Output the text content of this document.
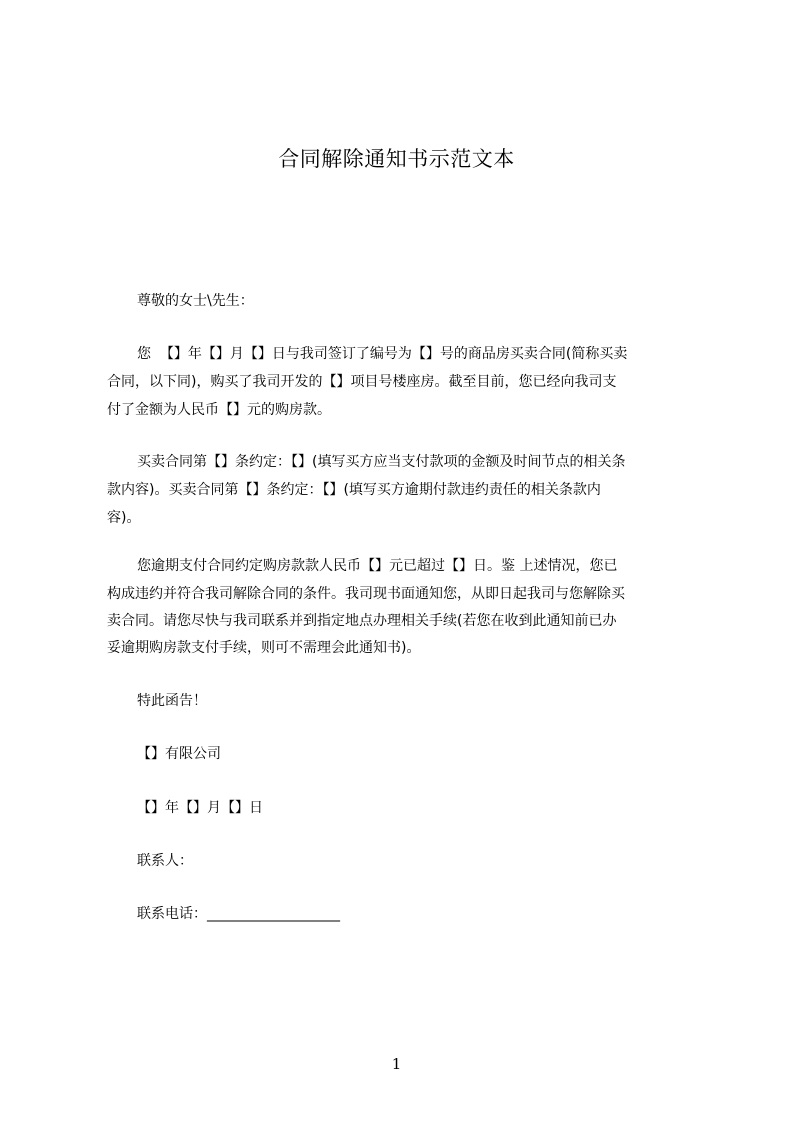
合同解除通知书示范文本
尊敬的女士\先生：
您  【】年【】月【】日与我司签订了编号为【】号的商品房买卖合同(简称买卖
合同，以下同)，购买了我司开发的【】项目号楼座房。截至目前，您已经向我司支
付了金额为人民币【】元的购房款。
买卖合同第【】条约定：【】(填写买方应当支付款项的金额及时间节点的相关条
款内容)。买卖合同第【】条约定：【】(填写买方逾期付款违约责任的相关条款内
容)。
您逾期支付合同约定购房款款人民币【】元已超过【】日。鉴 上述情况，您已
构成违约并符合我司解除合同的条件。我司现书面通知您，从即日起我司与您解除买
卖合同。请您尽快与我司联系并到指定地点办理相关手续(若您在收到此通知前已办
妥逾期购房款支付手续，则可不需理会此通知书)。
特此函告！
【】有限公司
【】年【】月【】日
联系人：
联系电话：___________________
1
